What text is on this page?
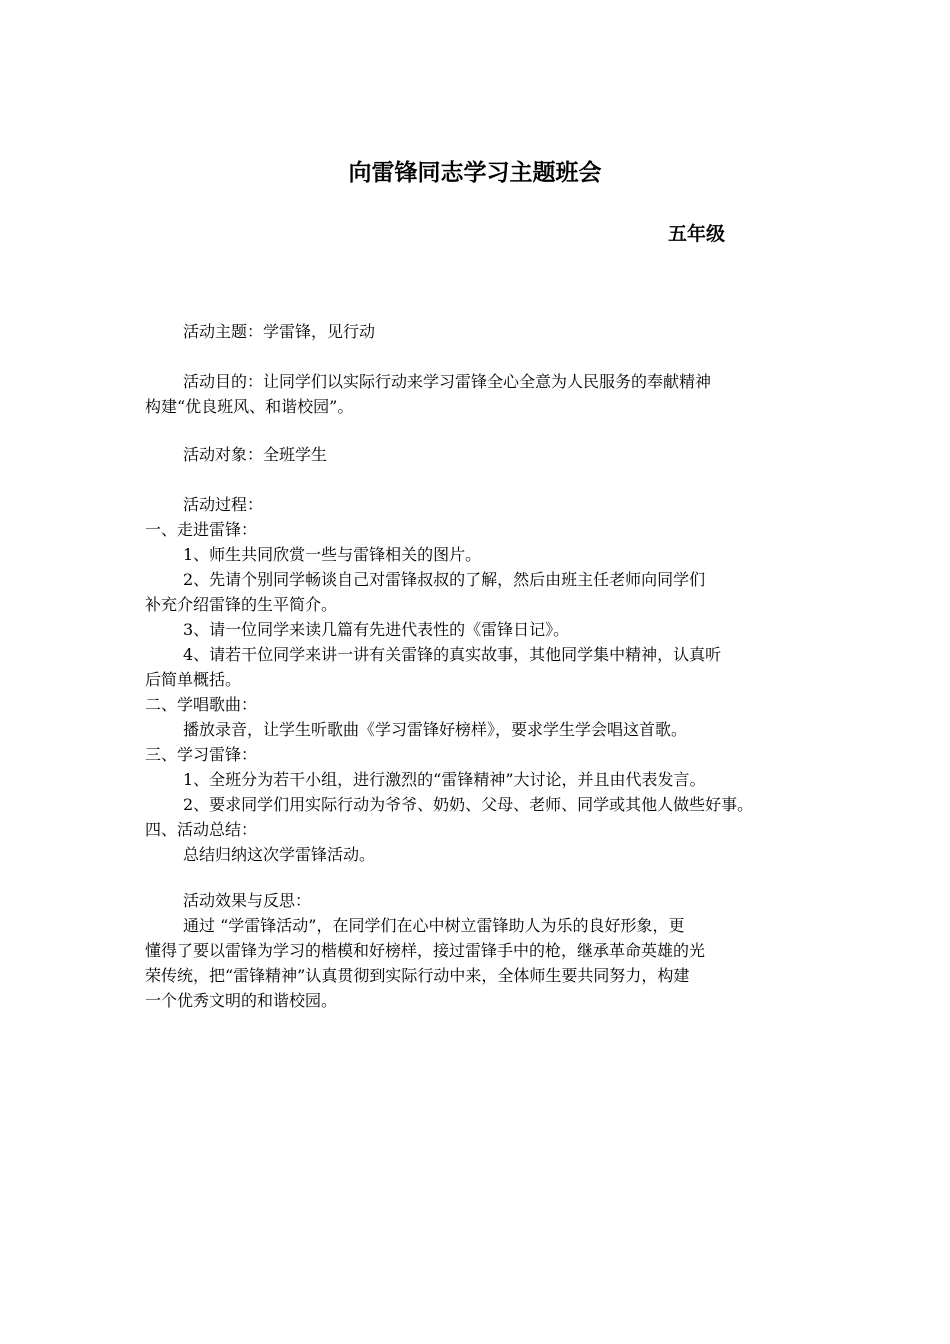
向雷锋同志学习主题班会

五年级

活动主题：学雷锋，见行动

活动目的：让同学们以实际行动来学习雷锋全心全意为人民服务的奉献精神

构建“优良班风、和谐校园”。

活动对象：全班学生

活动过程：

一、走进雷锋：

1、师生共同欣赏一些与雷锋相关的图片。

2、先请个别同学畅谈自己对雷锋叔叔的了解，然后由班主任老师向同学们

补充介绍雷锋的生平简介。

3、请一位同学来读几篇有先进代表性的《雷锋日记》。

4、请若干位同学来讲一讲有关雷锋的真实故事，其他同学集中精神，认真听

后简单概括。

二、学唱歌曲：

播放录音，让学生听歌曲《学习雷锋好榜样》，要求学生学会唱这首歌。

三、学习雷锋：

1、全班分为若干小组，进行激烈的“雷锋精神”大讨论，并且由代表发言。

2、要求同学们用实际行动为爷爷、奶奶、父母、老师、同学或其他人做些好事。

四、活动总结：

总结归纳这次学雷锋活动。

活动效果与反思：

通过 “学雷锋活动”，在同学们在心中树立雷锋助人为乐的良好形象，更

懂得了要以雷锋为学习的楷模和好榜样，接过雷锋手中的枪，继承革命英雄的光

荣传统，把“雷锋精神”认真贯彻到实际行动中来，全体师生要共同努力，构建

一个优秀文明的和谐校园。
